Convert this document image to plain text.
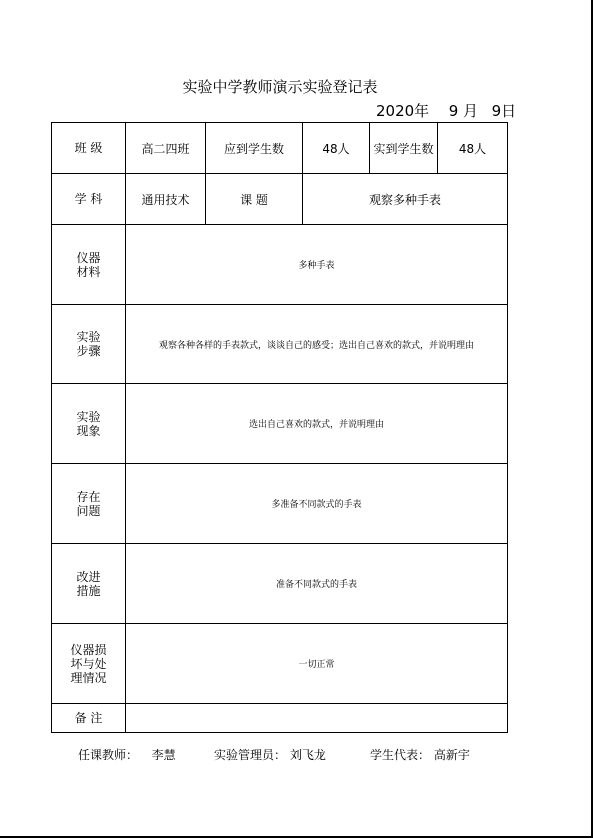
实验中学教师演示实验登记表
2020年 9 月 9日
班 级	高二四班	应到学生数	48人	实到学生数	48人
学 科	通用技术	课 题	观察多种手表		

仪器
材料	多种手表				

实验
步骤	观察各种各样的手表款式，谈谈自己的感受；选出自己喜欢的款式，并说明理由				

实验
现象	选出自己喜欢的款式，并说明理由				

存在
问题	多准备不同款式的手表				

改进
措施	准备不同款式的手表				

仪器损
坏与处
理情况	一切正常				
备 注					
任课教师： 李慧	实验管理员： 刘飞龙	学生代表： 高新宇
